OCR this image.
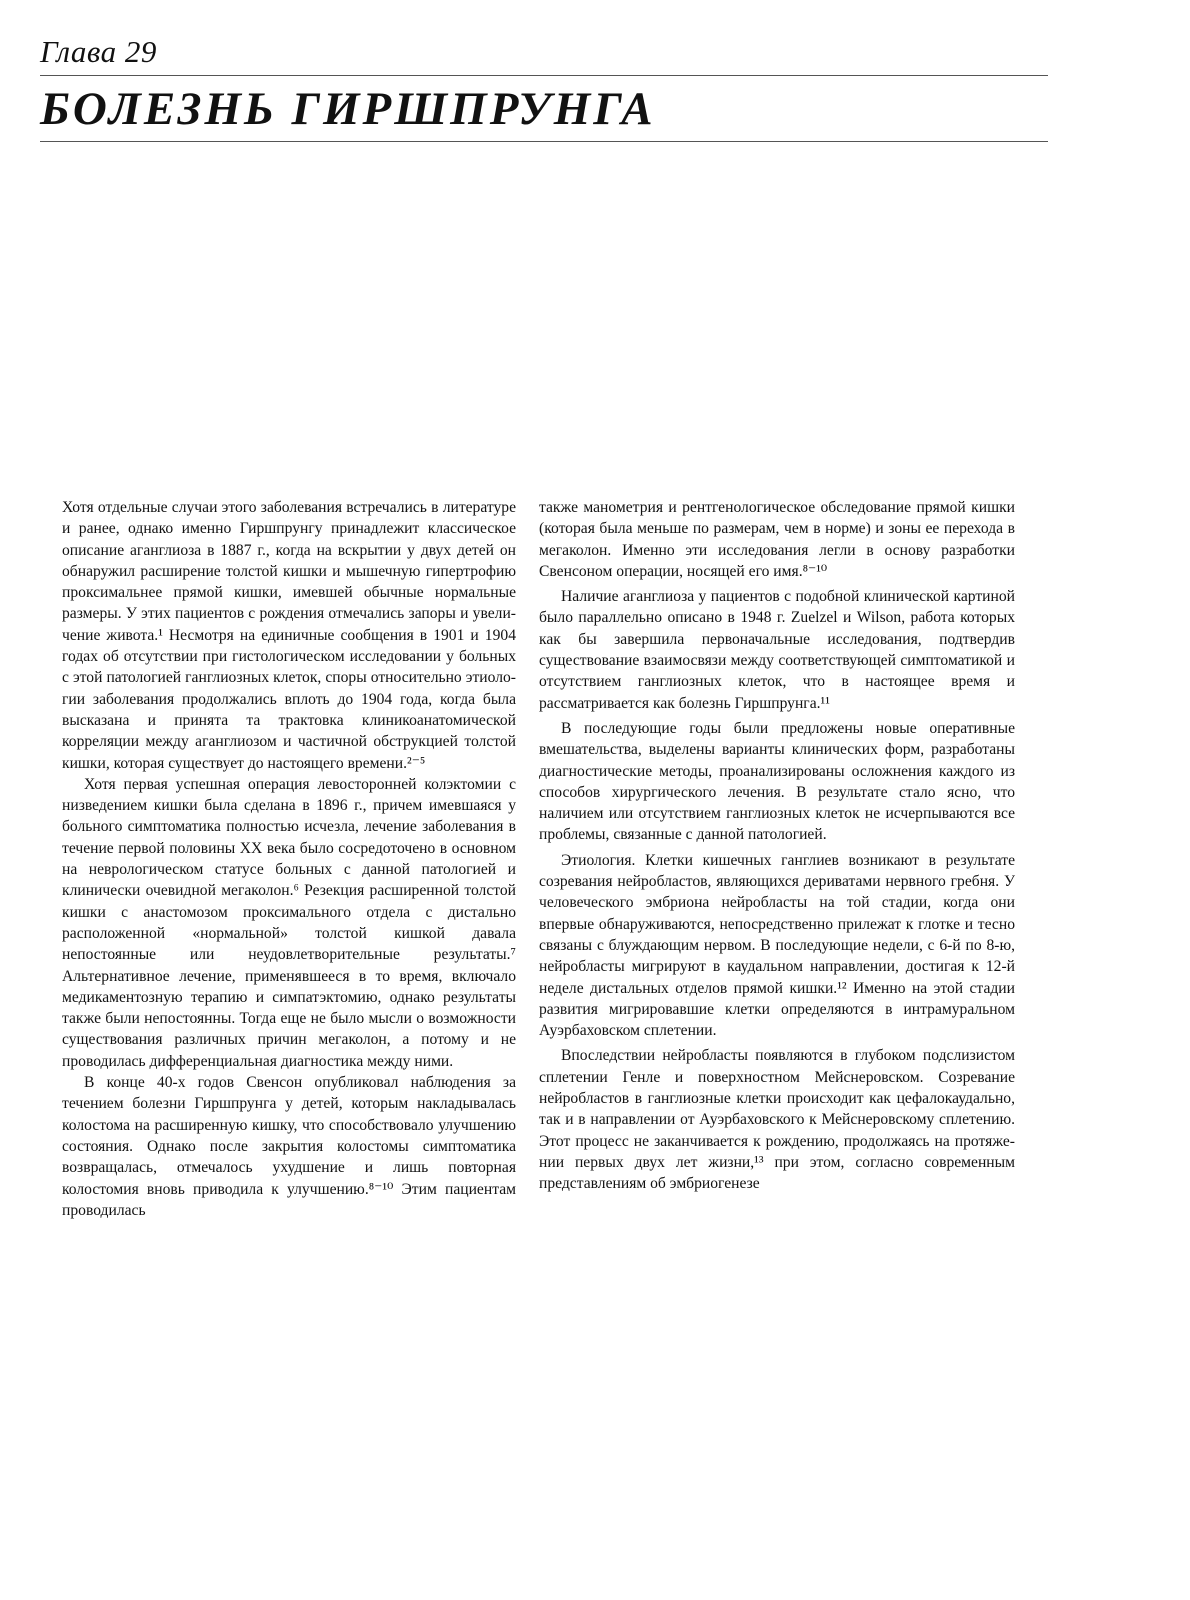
Глава 29
БОЛЕЗНЬ ГИРШПРУНГА

Хотя отдельные случаи этого заболевания встречались в литературе и ранее, однако именно Гиршпрунгу принадлежит классическое описание аганглиоза в 1887 г., когда на вскрытии у двух детей он обнаружил расширение толстой кишки и мышечную гипертрофию проксимальнее прямой кишки, имевшей обычные нормальные размеры. У этих пациентов с рождения отмечались запоры и увеличение живота.¹ Несмотря на единичные сообщения в 1901 и 1904 годах об отсутствии при гистологическом исследовании у больных с этой патологией ганглиозных клеток, споры относительно этиологии заболевания продолжались вплоть до 1904 года, когда была высказана и принята та трактовка клиникоанатомической корреляции между аганглиозом и частичной обструкцией толстой кишки, которая существует до настоящего времени.²⁻⁵

Хотя первая успешная операция левосторонней колэктомии с низведением кишки была сделана в 1896 г., причем имевшаяся у больного симптоматика полностью исчезла, лечение заболевания в течение первой половины XX века было сосредоточено в основном на неврологическом статусе больных с данной патологией и клинически очевидной мегаколон.⁶ Резекция расширенной толстой кишки с анастомозом проксимального отдела с дистально расположенной «нормальной» толстой кишкой давала непостоянные или неудовлетворительные результаты.⁷ Альтернативное лечение, применявшееся в то время, включало медикаментозную терапию и симпатэктомию, однако результаты также были непостоянны. Тогда еще не было мысли о возможности существования различных причин мегаколон, а потому и не проводилась дифференциальная диагностика между ними.

В конце 40-х годов Свенсон опубликовал наблюдения за течением болезни Гиршпрунга у детей, которым накладывалась колостома на расширенную кишку, что способствовало улучшению состояния. Однако после закрытия колостомы симптоматика возвращалась, отмечалось ухудшение и лишь повторная колостомия вновь приводила к улучшению.⁸⁻¹⁰ Этим пациентам проводилась

также манометрия и рентгенологическое обследование прямой кишки (которая была меньше по размерам, чем в норме) и зоны ее перехода в мегаколон. Именно эти исследования легли в основу разработки Свенсоном операции, носящей его имя.⁸⁻¹⁰

Наличие аганглиоза у пациентов с подобной клинической картиной было параллельно описано в 1948 г. Zuelzel и Wilson, работа которых как бы завершила первоначальные исследования, подтвердив существование взаимосвязи между соответствующей симптоматикой и отсутствием ганглиозных клеток, что в настоящее время и рассматривается как болезнь Гиршпрунга.¹¹

В последующие годы были предложены новые оперативные вмешательства, выделены варианты клинических форм, разработаны диагностические методы, проанализированы осложнения каждого из способов хирургического лечения. В результате стало ясно, что наличием или отсутствием ганглиозных клеток не исчерпываются все проблемы, связанные с данной патологией.

Этиология. Клетки кишечных ганглиев возникают в результате созревания нейробластов, являющихся дериватами нервного гребня. У человеческого эмбриона нейробласты на той стадии, когда они впервые обнаруживаются, непосредственно прилежат к глотке и тесно связаны с блуждающим нервом. В последующие недели, с 6-й по 8-ю, нейробласты мигрируют в каудальном направлении, достигая к 12-й неделе дистальных отделов прямой кишки.¹² Именно на этой стадии развития мигрировавшие клетки определяются в интрамуральном Ауэрбаховском сплетении.

Впоследствии нейробласты появляются в глубоком подслизистом сплетении Генле и поверхностном Мейснеровском. Созревание нейробластов в ганглиозные клетки происходит как цефалокаудально, так и в направлении от Ауэрбаховского к Мейснеровскому сплетению. Этот процесс не заканчивается к рождению, продолжаясь на протяжении первых двух лет жизни,¹³ при этом, согласно современным представлениям об эмбриогенезе
